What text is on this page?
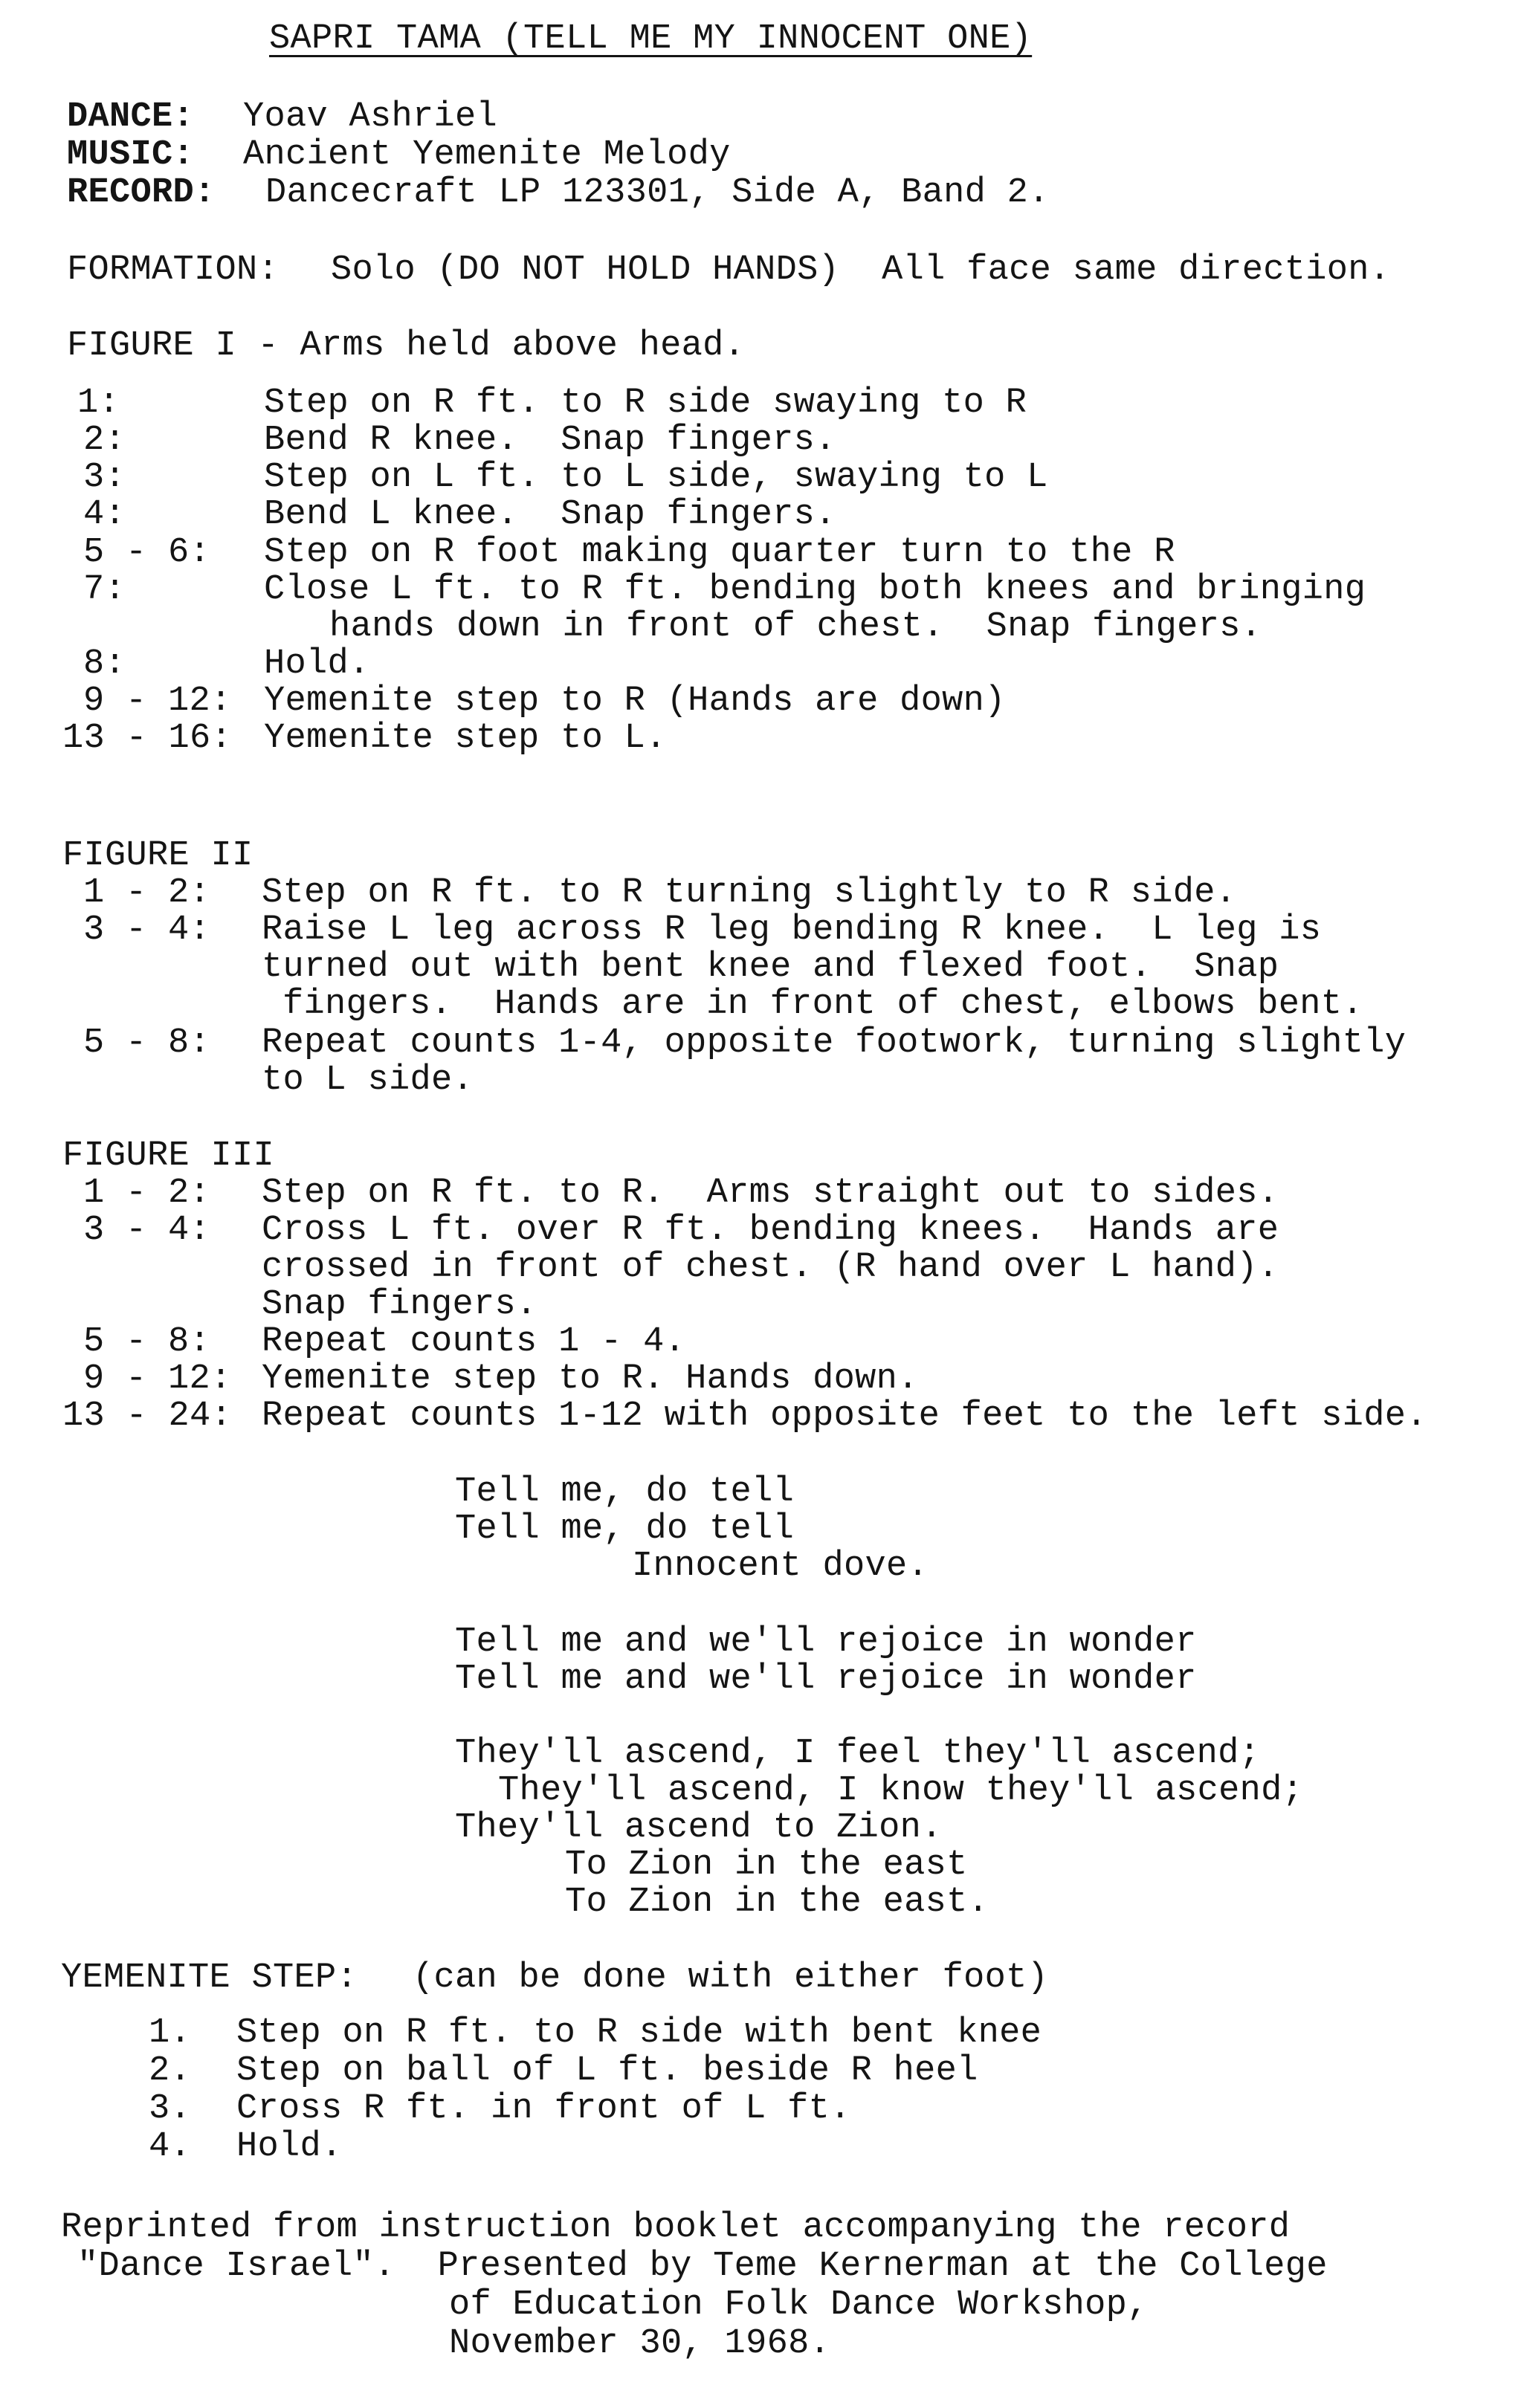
SAPRI TAMA (TELL ME MY INNOCENT ONE)
DANCE: Yoav Ashriel
MUSIC: Ancient Yemenite Melody
RECORD: Dancecraft LP 123301, Side A, Band 2.
FORMATION: Solo (DO NOT HOLD HANDS)  All face same direction.
FIGURE I - Arms held above head.
1:	Step on R ft. to R side swaying to R
2:	Bend R knee.  Snap fingers.
3:	Step on L ft. to L side, swaying to L
4:	Bend L knee.  Snap fingers.
5 - 6: Step on R foot making quarter turn to the R
7:	Close L ft. to R ft. bending both knees and bringing
hands down in front of chest.  Snap fingers.
8:	Hold.
9 - 12: Yemenite step to R (Hands are down)
13 - 16: Yemenite step to L.
FIGURE II
1 - 2: Step on R ft. to R turning slightly to R side.
3 - 4: Raise L leg across R leg bending R knee.  L leg is
turned out with bent knee and flexed foot.  Snap
fingers.  Hands are in front of chest, elbows bent.
5 - 8: Repeat counts 1-4, opposite footwork, turning slightly
to L side.
FIGURE III
1 - 2: Step on R ft. to R.  Arms straight out to sides.
3 - 4: Cross L ft. over R ft. bending knees.  Hands are
crossed in front of chest. (R hand over L hand).
Snap fingers.
5 - 8: Repeat counts 1 - 4.
9 - 12: Yemenite step to R. Hands down.
13 - 24: Repeat counts 1-12 with opposite feet to the left side.
Tell me, do tell
Tell me, do tell
Innocent dove.
Tell me and we'll rejoice in wonder
Tell me and we'll rejoice in wonder
They'll ascend, I feel they'll ascend;
They'll ascend, I know they'll ascend;
They'll ascend to Zion.
To Zion in the east
To Zion in the east.
YEMENITE STEP: (can be done with either foot)
1. Step on R ft. to R side with bent knee
2. Step on ball of L ft. beside R heel
3. Cross R ft. in front of L ft.
4. Hold.
Reprinted from instruction booklet accompanying the record
"Dance Israel".  Presented by Teme Kernerman at the College
of Education Folk Dance Workshop,
November 30, 1968.
